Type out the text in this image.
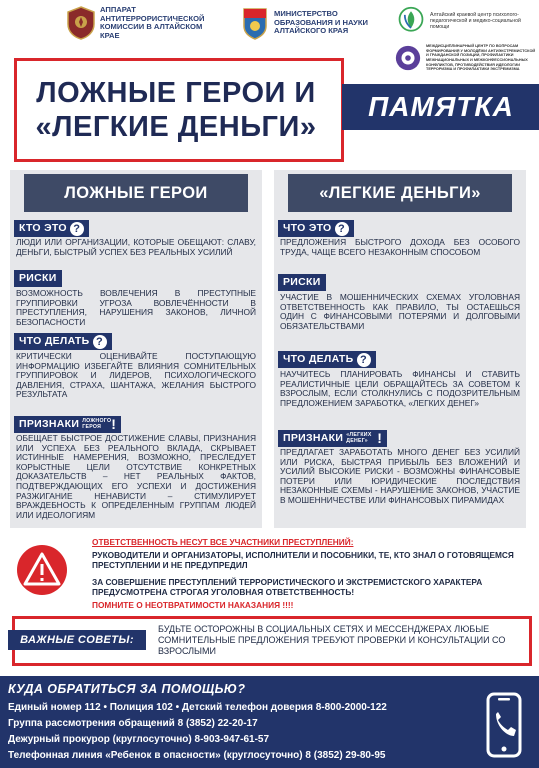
АППАРАТ АНТИТЕРРОРИСТИЧЕСКОЙ КОМИССИИ В АЛТАЙСКОМ КРАЕ
МИНИСТЕРСТВО ОБРАЗОВАНИЯ И НАУКИ АЛТАЙСКОГО КРАЯ
Алтайский краевой центр психолого-педагогической и медико-социальной помощи
МЕЖДИСЦИПЛИНАРНЫЙ ЦЕНТР ПО ВОПРОСАМ ФОРМИРОВАНИЯ У МОЛОДЁЖИ АНТИЭКСТРЕМИСТСКОЙ И ГРАЖДАНСКОЙ ПОЗИЦИИ, ПРОФИЛАКТИКИ МЕЖНАЦИОНАЛЬНЫХ И МЕЖКОНФЕССИОНАЛЬНЫХ КОНФЛИКТОВ, ПРОТИВОДЕЙСТВИЯ ИДЕОЛОГИИ ТЕРРОРИЗМА И ПРОФИЛАКТИКИ ЭКСТРЕМИЗМА
ЛОЖНЫЕ ГЕРОИ И
«ЛЕГКИЕ ДЕНЬГИ»
ПАМЯТКА
ЛОЖНЫЕ ГЕРОИ
КТО ЭТО ?
ЛЮДИ ИЛИ ОРГАНИЗАЦИИ, КОТОРЫЕ ОБЕЩАЮТ: СЛАВУ, ДЕНЬГИ, БЫСТРЫЙ УСПЕХ БЕЗ РЕАЛЬНЫХ УСИЛИЙ
РИСКИ
ВОЗМОЖНОСТЬ ВОВЛЕЧЕНИЯ В ПРЕСТУПНЫЕ ГРУППИРОВКИ УГРОЗА ВОВЛЕЧЁННОСТИ В ПРЕСТУПЛЕНИЯ, НАРУШЕНИЯ ЗАКОНОВ, ЛИЧНОЙ БЕЗОПАСНОСТИ
ЧТО ДЕЛАТЬ ?
КРИТИЧЕСКИ ОЦЕНИВАЙТЕ ПОСТУПАЮЩУЮ ИНФОРМАЦИЮ ИЗБЕГАЙТЕ ВЛИЯНИЯ СОМНИТЕЛЬНЫХ ГРУППИРОВОК И ЛИДЕРОВ, ПСИХОЛОГИЧЕСКОГО ДАВЛЕНИЯ, СТРАХА, ШАНТАЖА, ЖЕЛАНИЯ БЫСТРОГО РЕЗУЛЬТАТА
ПРИЗНАКИ ЛОЖНОГО ГЕРОЯ !
ОБЕЩАЕТ БЫСТРОЕ ДОСТИЖЕНИЕ СЛАВЫ, ПРИЗНАНИЯ ИЛИ УСПЕХА БЕЗ РЕАЛЬНОГО ВКЛАДА, СКРЫВАЕТ ИСТИННЫЕ НАМЕРЕНИЯ, ВОЗМОЖНО, ПРЕСЛЕДУЕТ КОРЫСТНЫЕ ЦЕЛИ ОТСУТСТВИЕ КОНКРЕТНЫХ ДОКАЗАТЕЛЬСТВ – НЕТ РЕАЛЬНЫХ ФАКТОВ, ПОДТВЕРЖДАЮЩИХ ЕГО УСПЕХИ И ДОСТИЖЕНИЯ РАЗЖИГАНИЕ НЕНАВИСТИ – СТИМУЛИРУЕТ ВРАЖДЕБНОСТЬ К ОПРЕДЕЛЕННЫМ ГРУППАМ ЛЮДЕЙ ИЛИ ИДЕОЛОГИЯМ
«ЛЕГКИЕ ДЕНЬГИ»
ЧТО ЭТО ?
ПРЕДЛОЖЕНИЯ БЫСТРОГО ДОХОДА БЕЗ ОСОБОГО ТРУДА, ЧАЩЕ ВСЕГО НЕЗАКОННЫМ СПОСОБОМ
РИСКИ
УЧАСТИЕ В МОШЕННИЧЕСКИХ СХЕМАХ УГОЛОВНАЯ ОТВЕТСТВЕННОСТЬ КАК ПРАВИЛО, ТЫ ОСТАЕШЬСЯ ОДИН С ФИНАНСОВЫМИ ПОТЕРЯМИ И ДОЛГОВЫМИ ОБЯЗАТЕЛЬСТВАМИ
ЧТО ДЕЛАТЬ ?
НАУЧИТЕСЬ ПЛАНИРОВАТЬ ФИНАНСЫ И СТАВИТЬ РЕАЛИСТИЧНЫЕ ЦЕЛИ ОБРАЩАЙТЕСЬ ЗА СОВЕТОМ К ВЗРОСЛЫМ, ЕСЛИ СТОЛКНУЛИСЬ С ПОДОЗРИТЕЛЬНЫМ ПРЕДЛОЖЕНИЕМ ЗАРАБОТКА, «ЛЕГКИХ ДЕНЕГ»
ПРИЗНАКИ «ЛЕГКИХ ДЕНЕГ» !
ПРЕДЛАГАЕТ ЗАРАБОТАТЬ МНОГО ДЕНЕГ БЕЗ УСИЛИЙ ИЛИ РИСКА, БЫСТРАЯ ПРИБЫЛЬ БЕЗ ВЛОЖЕНИЙ И УСИЛИЙ ВЫСОКИЕ РИСКИ - ВОЗМОЖНЫ ФИНАНСОВЫЕ ПОТЕРИ ИЛИ ЮРИДИЧЕСКИЕ ПОСЛЕДСТВИЯ НЕЗАКОННЫЕ СХЕМЫ - НАРУШЕНИЕ ЗАКОНОВ, УЧАСТИЕ В МОШЕННИЧЕСТВЕ ИЛИ ФИНАНСОВЫХ ПИРАМИДАХ
ОТВЕТСТВЕННОСТЬ НЕСУТ ВСЕ УЧАСТНИКИ ПРЕСТУПЛЕНИЙ:
РУКОВОДИТЕЛИ И ОРГАНИЗАТОРЫ, ИСПОЛНИТЕЛИ И ПОСОБНИКИ, ТЕ, КТО ЗНАЛ О ГОТОВЯЩЕМСЯ ПРЕСТУПЛЕНИИ И НЕ ПРЕДУПРЕДИЛ
ЗА СОВЕРШЕНИЕ ПРЕСТУПЛЕНИЙ ТЕРРОРИСТИЧЕСКОГО И ЭКСТРЕМИСТСКОГО ХАРАКТЕРА ПРЕДУСМОТРЕНА СТРОГАЯ УГОЛОВНАЯ ОТВЕТСТВЕННОСТЬ!
ПОМНИТЕ О НЕОТВРАТИМОСТИ НАКАЗАНИЯ !!!!
ВАЖНЫЕ СОВЕТЫ:
БУДЬТЕ ОСТОРОЖНЫ В СОЦИАЛЬНЫХ СЕТЯХ И МЕССЕНДЖЕРАХ ЛЮБЫЕ СОМНИТЕЛЬНЫЕ ПРЕДЛОЖЕНИЯ ТРЕБУЮТ ПРОВЕРКИ И КОНСУЛЬТАЦИИ СО ВЗРОСЛЫМИ
КУДА ОБРАТИТЬСЯ ЗА ПОМОЩЬЮ?
Единый номер 112 • Полиция 102 • Детский телефон доверия 8-800-2000-122
Группа рассмотрения обращений 8 (3852) 22-20-17
Дежурный прокурор (круглосуточно) 8-903-947-61-57
Телефонная линия «Ребенок в опасности» (круглосуточно) 8 (3852) 29-80-95
